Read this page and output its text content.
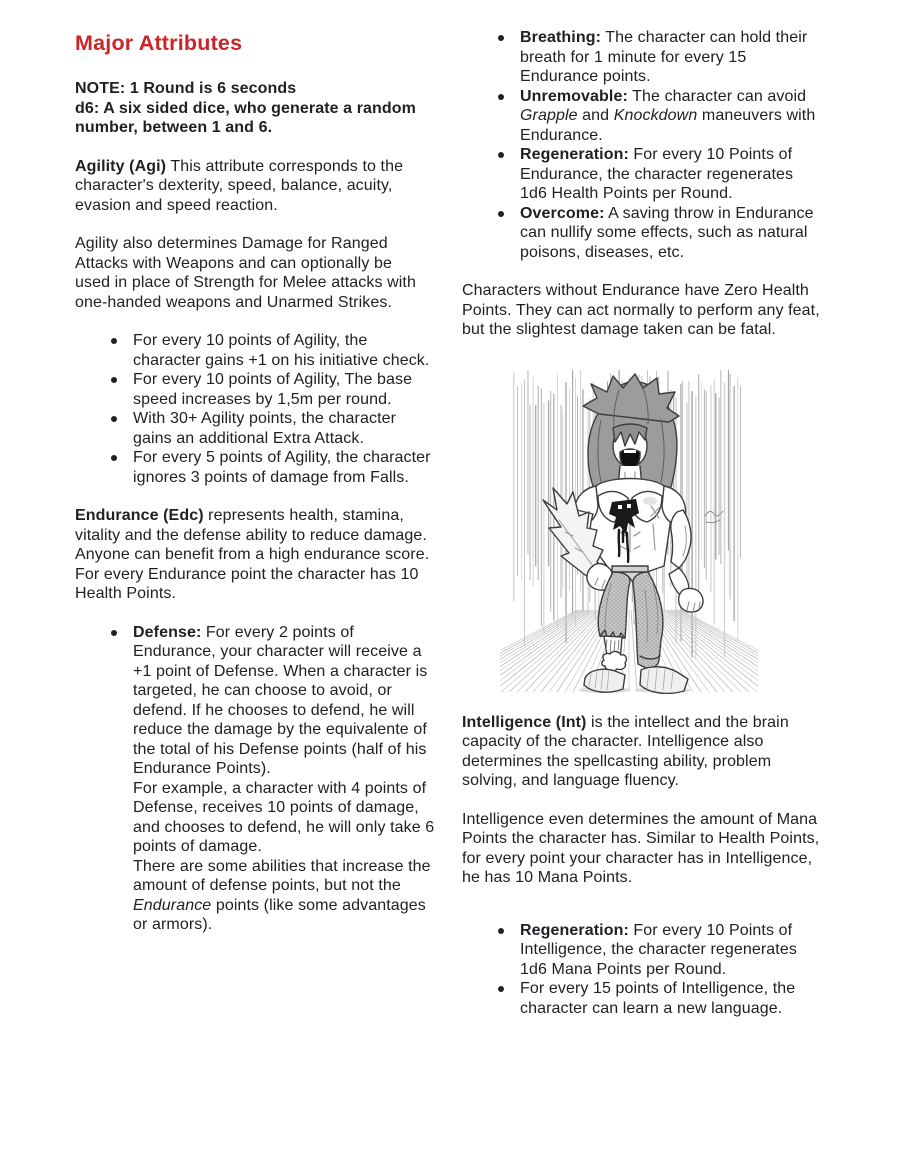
Major Attributes
NOTE: 1 Round is 6 seconds
d6: A six sided dice, who generate a random number, between 1 and 6.
Agility (Agi) This attribute corresponds to the character's dexterity, speed, balance, acuity, evasion and speed reaction.
Agility also determines Damage for Ranged Attacks with Weapons and can optionally be used in place of Strength for Melee attacks with one-handed weapons and Unarmed Strikes.
For every 10 points of Agility, the character gains +1 on his initiative check.
For every 10 points of Agility, The base speed increases by 1,5m per round.
With 30+ Agility points, the character gains an additional Extra Attack.
For every 5 points of Agility, the character ignores 3 points of damage from Falls.
Endurance (Edc) represents health, stamina, vitality and the defense ability to reduce damage. Anyone can benefit from a high endurance score.
For every Endurance point the character has 10 Health Points.
Defense: For every 2 points of Endurance, your character will receive a +1 point of Defense. When a character is targeted, he can choose to avoid, or defend. If he chooses to defend, he will reduce the damage by the equivalente of the total of his Defense points (half of his Endurance Points).
For example, a character with 4 points of Defense, receives 10 points of damage, and chooses to defend, he will only take 6 points of damage.
There are some abilities that increase the amount of defense points, but not the Endurance points (like some advantages or armors).
Breathing: The character can hold their breath for 1 minute for every 15 Endurance points.
Unremovable: The character can avoid Grapple and Knockdown maneuvers with Endurance.
Regeneration: For every 10 Points of Endurance, the character regenerates 1d6 Health Points per Round.
Overcome: A saving throw in Endurance can nullify some effects, such as natural poisons, diseases, etc.
Characters without Endurance have Zero Health Points. They can act normally to perform any feat, but the slightest damage taken can be fatal.
Intelligence (Int) is the intellect and the brain capacity of the character. Intelligence also determines the spellcasting ability, problem solving, and language fluency.
Intelligence even determines the amount of Mana Points the character has. Similar to Health Points, for every point your character has in Intelligence, he has 10 Mana Points.
Regeneration: For every 10 Points of Intelligence, the character regenerates 1d6 Mana Points per Round.
For every 15 points of Intelligence, the character can learn a new language.
